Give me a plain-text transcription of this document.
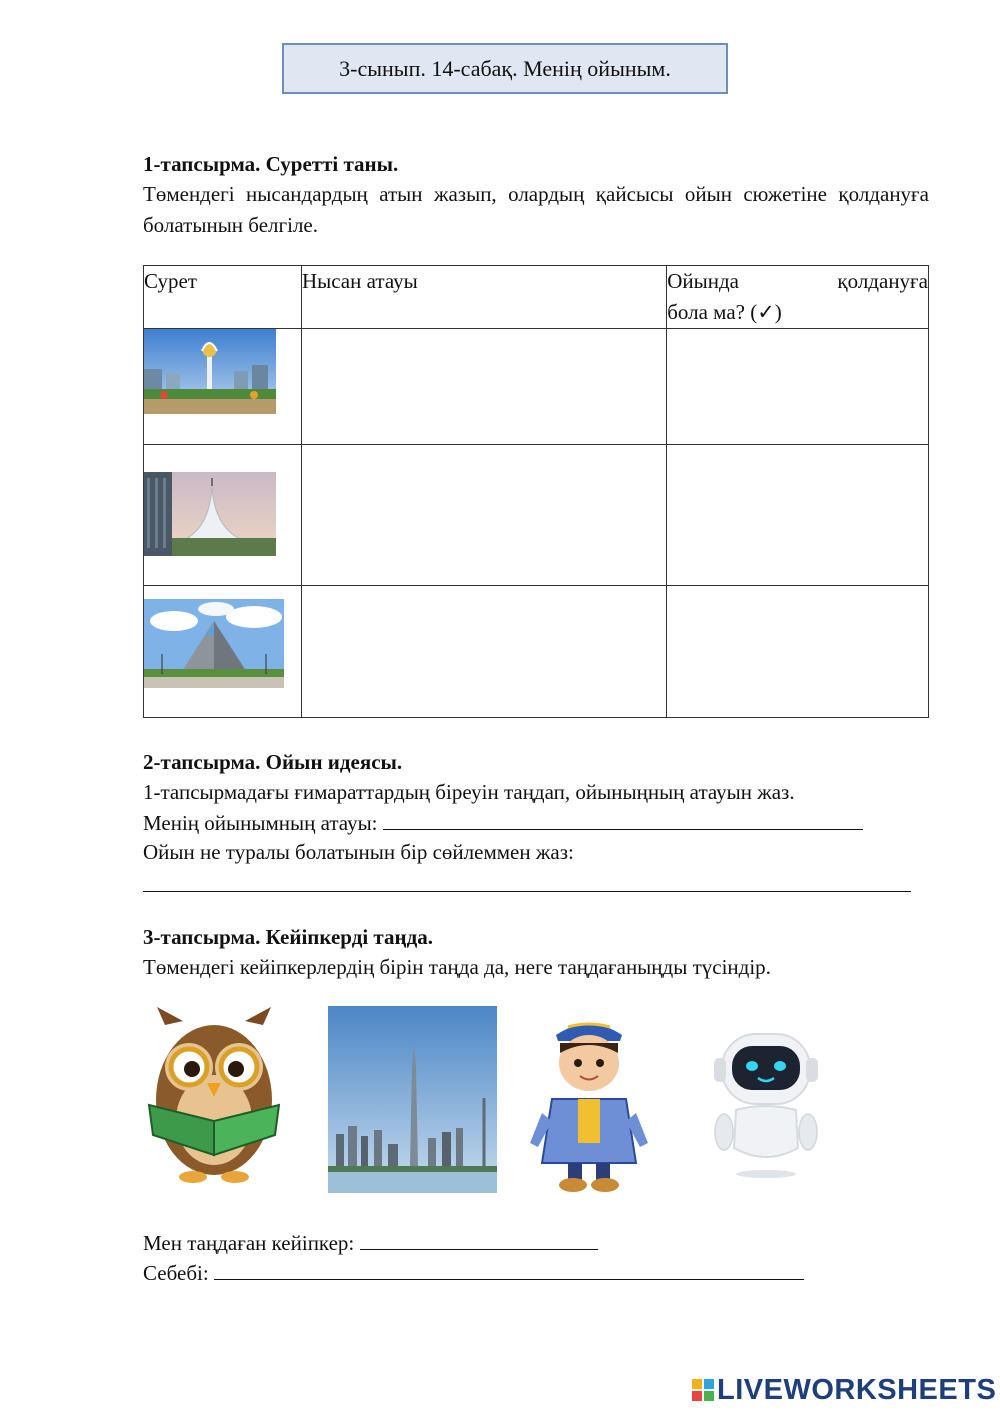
3-сынып. 14-сабақ. Менің ойыным.
1-тапсырма. Суретті таны.
Төмендегі нысандардың атын жазып, олардың қайсысы ойын сюжетіне қолдануға болатынын белгіле.
Сурет	Нысан атауы	Ойында қолдануға
бола ма? (✓)

2-тапсырма. Ойын идеясы.
1-тапсырмадағы ғимараттардың біреуін таңдап, ойыныңның атауын жаз.
Менің ойынымның атауы:
Ойын не туралы болатынын бір сөйлеммен жаз:
3-тапсырма. Кейіпкерді таңда.
Төмендегі кейіпкерлердің бірін таңда да, неге таңдағаныңды түсіндір.
Мен таңдаған кейіпкер:
Себебі:
LIVEWORKSHEETS
